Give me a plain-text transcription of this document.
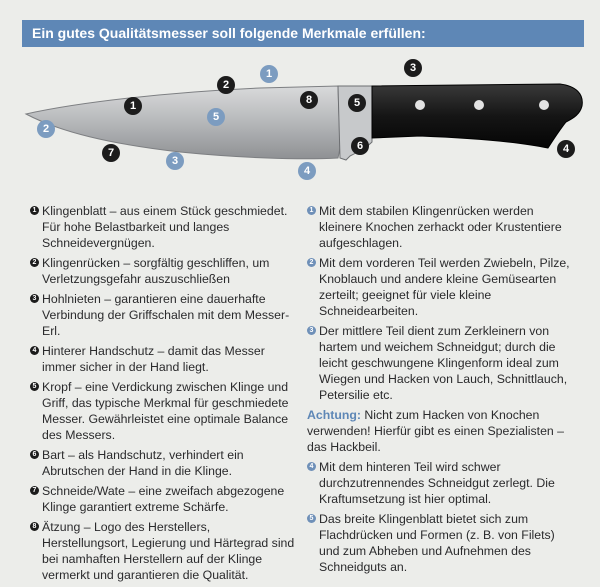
Ein gutes Qualitätsmesser soll folgende Merkmale erfüllen:
1
2
3
4
5
6
7
8
1
2
3
4
5
1 Klingenblatt – aus einem Stück geschmiedet. Für hohe Belastbarkeit und langes Schneidevergnügen.
2 Klingenrücken – sorgfältig geschliffen, um Verletzungsgefahr auszuschließen
3 Hohlnieten – garantieren eine dauerhafte Verbindung der Griffschalen mit dem Messer-Erl.
4 Hinterer Handschutz – damit das Messer immer sicher in der Hand liegt.
5 Kropf – eine Verdickung zwischen Klinge und Griff, das typische Merkmal für geschmiedete Messer. Gewährleistet eine optimale Balance des Messers.
6 Bart – als Handschutz, verhindert ein Abrutschen der Hand in die Klinge.
7 Schneide/Wate – eine zweifach abgezogene Klinge garantiert extreme Schärfe.
8 Ätzung – Logo des Herstellers, Herstellungsort, Legierung und Härtegrad sind bei namhaften Herstellern auf der Klinge vermerkt und garantieren die Qualität.
1 Mit dem stabilen Klingenrücken werden kleinere Knochen zerhackt oder Krustentiere aufgeschlagen.
2 Mit dem vorderen Teil werden Zwiebeln, Pilze, Knoblauch und andere kleine Gemüsearten zerteilt; geeignet für viele kleine Schneidearbeiten.
3 Der mittlere Teil dient zum Zerkleinern von hartem und weichem Schneidgut; durch die leicht geschwungene Klingenform ideal zum Wiegen und Hacken von Lauch, Schnittlauch, Petersilie etc.
Achtung: Nicht zum Hacken von Knochen verwenden! Hierfür gibt es einen Spezialisten – das Hackbeil.
4 Mit dem hinteren Teil wird schwer durchzutrennendes Schneidgut zerlegt. Die Kraftumsetzung ist hier optimal.
5 Das breite Klingenblatt bietet sich zum Flachdrücken und Formen (z. B. von Filets) und zum Abheben und Aufnehmen des Schneidguts an.
